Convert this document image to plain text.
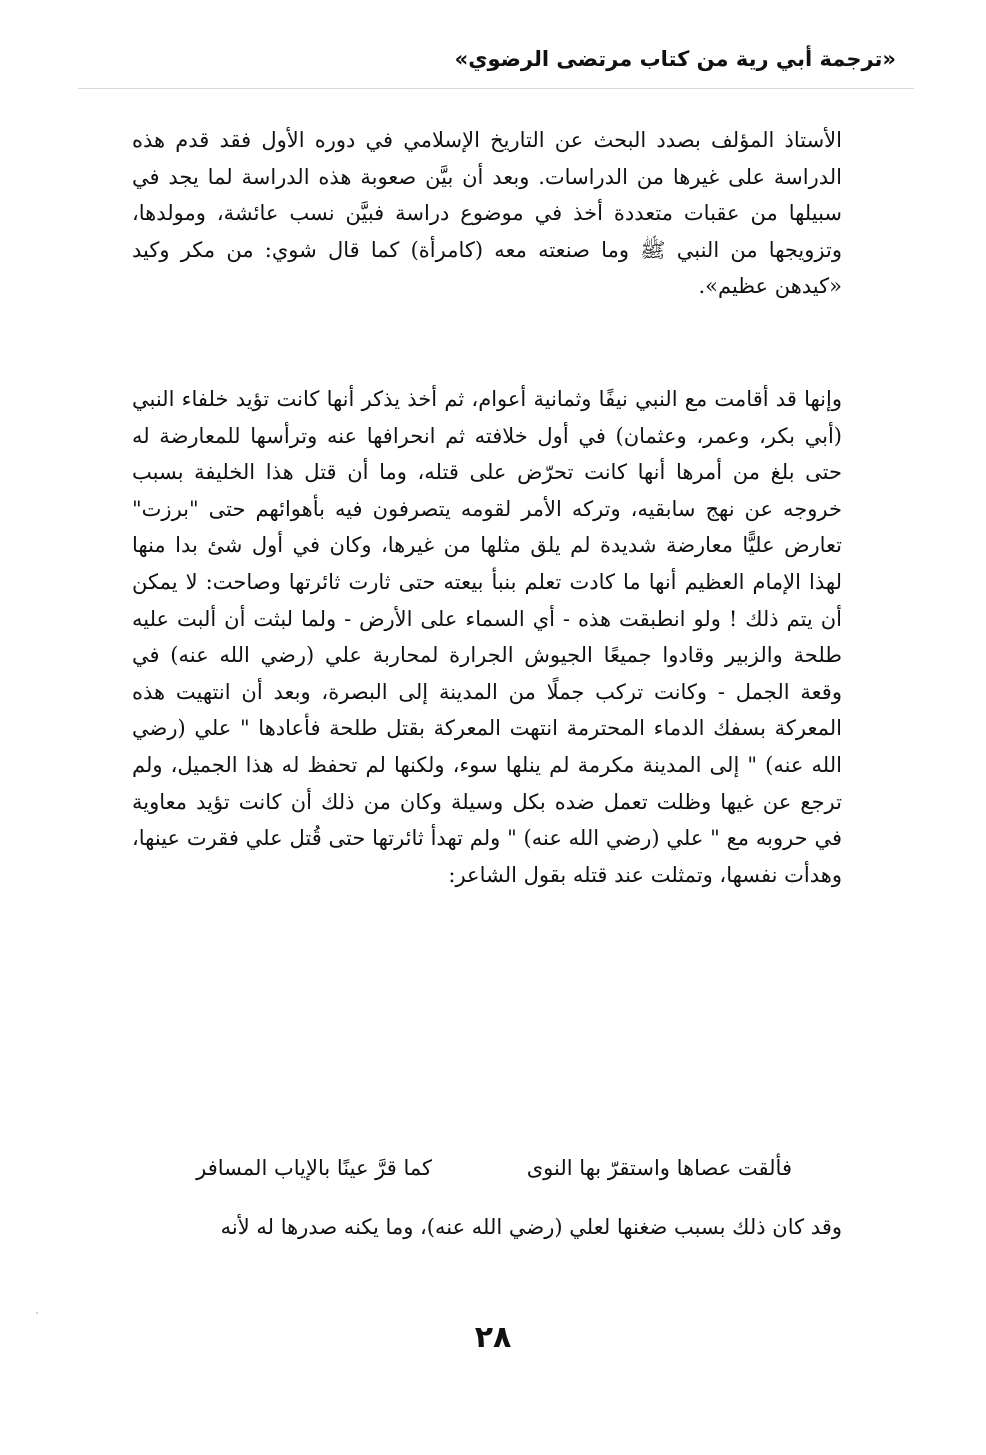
«ترجمة أبي رية من كتاب مرتضى الرضوي»

الأستاذ المؤلف بصدد البحث عن التاريخ الإسلامي في دوره الأول فقد قدم هذه الدراسة على غيرها من الدراسات. وبعد أن بيَّن صعوبة هذه الدراسة لما يجد في سبيلها من عقبات متعددة أخذ في موضوع دراسة فبيَّن نسب عائشة، ومولدها، وتزويجها من النبي ﷺ وما صنعته معه (كامرأة) كما قال شوي: من مكر وكيد «كيدهن عظيم».

وإنها قد أقامت مع النبي نيفًا وثمانية أعوام، ثم أخذ يذكر أنها كانت تؤيد خلفاء النبي (أبي بكر، وعمر، وعثمان) في أول خلافته ثم انحرافها عنه وترأسها للمعارضة له حتى بلغ من أمرها أنها كانت تحرّض على قتله، وما أن قتل هذا الخليفة بسبب خروجه عن نهج سابقيه، وتركه الأمر لقومه يتصرفون فيه بأهوائهم حتى "برزت" تعارض عليًّا معارضة شديدة لم يلق مثلها من غيرها، وكان في أول شئ بدا منها لهذا الإمام العظيم أنها ما كادت تعلم بنبأ بيعته حتى ثارت ثائرتها وصاحت: لا يمكن أن يتم ذلك ! ولو انطبقت هذه - أي السماء على الأرض - ولما لبثت أن ألبت عليه طلحة والزبير وقادوا جميعًا الجيوش الجرارة لمحاربة علي (رضي الله عنه) في وقعة الجمل - وكانت تركب جملًا من المدينة إلى البصرة، وبعد أن انتهيت هذه المعركة بسفك الدماء المحترمة انتهت المعركة بقتل طلحة فأعادها " علي (رضي الله عنه) " إلى المدينة مكرمة لم ينلها سوء، ولكنها لم تحفظ له هذا الجميل، ولم ترجع عن غيها وظلت تعمل ضده بكل وسيلة وكان من ذلك أن كانت تؤيد معاوية في حروبه مع " علي (رضي الله عنه) " ولم تهدأ ثائرتها حتى قُتل علي فقرت عينها، وهدأت نفسها، وتمثلت عند قتله بقول الشاعر:

فألقت عصاها واستقرّ بها النوى
كما قرَّ عينًا بالإياب المسافر

وقد كان ذلك بسبب ضغنها لعلي (رضي الله عنه)، وما يكنه صدرها له لأنه

٢٨
